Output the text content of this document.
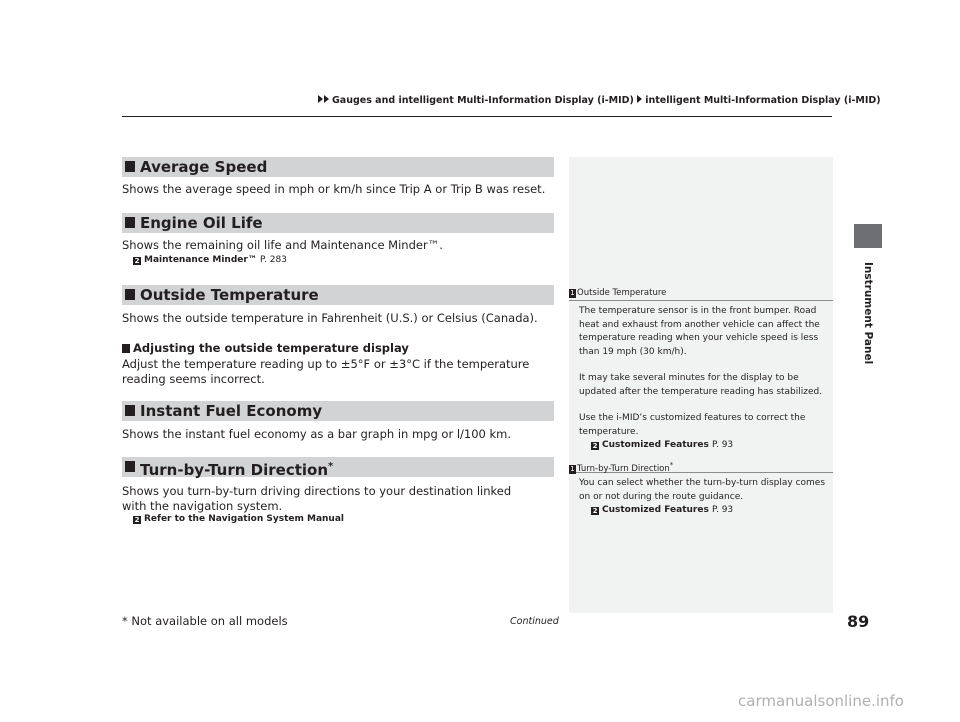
Gauges and intelligent Multi-Information Display (i-MID) intelligent Multi-Information Display (i-MID)
Instrument Panel
Average Speed
Shows the average speed in mph or km/h since Trip A or Trip B was reset.
Engine Oil Life
Shows the remaining oil life and Maintenance Minder™.
2 Maintenance Minder™ P. 283
Outside Temperature
Shows the outside temperature in Fahrenheit (U.S.) or Celsius (Canada).
Adjusting the outside temperature display
Adjust the temperature reading up to ±5°F or ±3°C if the temperature reading seems incorrect.
Instant Fuel Economy
Shows the instant fuel economy as a bar graph in mpg or l/100 km.
Turn-by-Turn Direction*
Shows you turn-by-turn driving directions to your destination linked with the navigation system.
2 Refer to the Navigation System Manual
1 Outside Temperature
The temperature sensor is in the front bumper. Road heat and exhaust from another vehicle can affect the temperature reading when your vehicle speed is less than 19 mph (30 km/h).
It may take several minutes for the display to be updated after the temperature reading has stabilized.
Use the i-MID’s customized features to correct the temperature.
2 Customized Features P. 93
1 Turn-by-Turn Direction*
You can select whether the turn-by-turn display comes on or not during the route guidance.
2 Customized Features P. 93
* Not available on all models	Continued	89
carmanualsonline.info
